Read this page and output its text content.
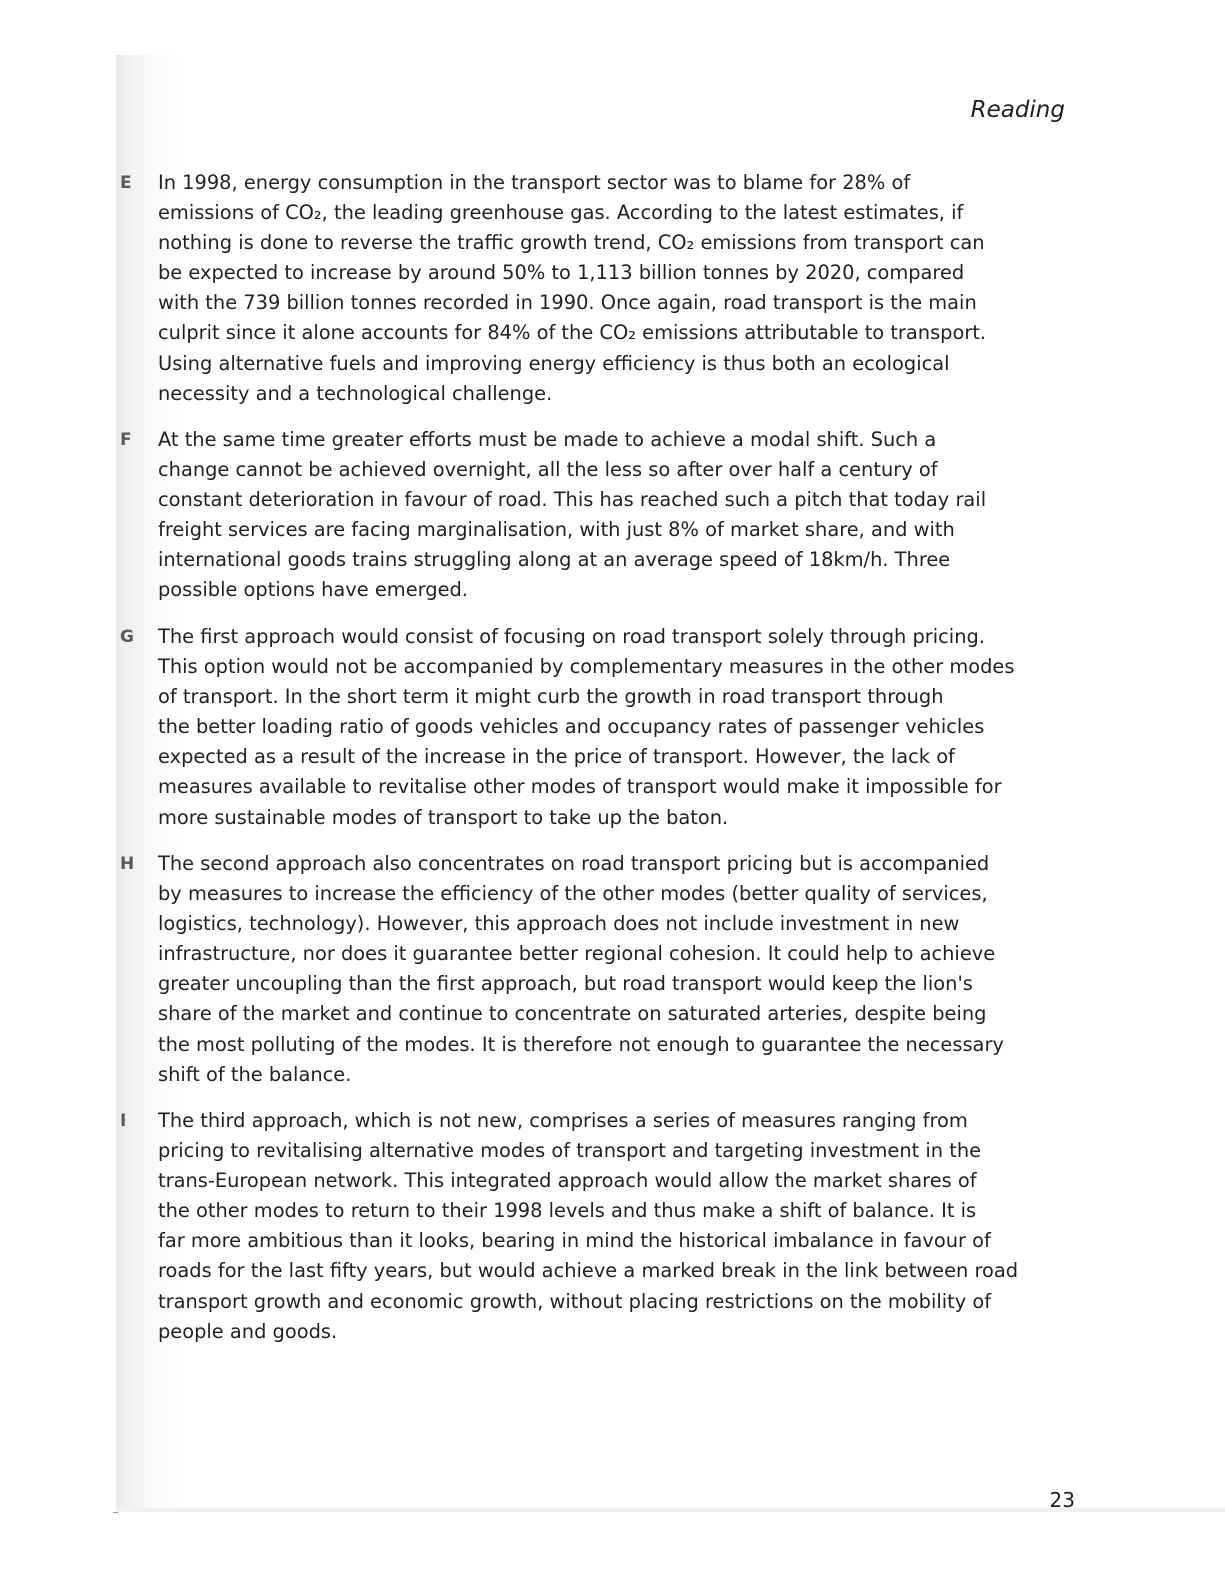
Reading
E In 1998, energy consumption in the transport sector was to blame for 28% of
emissions of CO₂, the leading greenhouse gas. According to the latest estimates, if
nothing is done to reverse the traffic growth trend, CO₂ emissions from transport can
be expected to increase by around 50% to 1,113 billion tonnes by 2020, compared
with the 739 billion tonnes recorded in 1990. Once again, road transport is the main
culprit since it alone accounts for 84% of the CO₂ emissions attributable to transport.
Using alternative fuels and improving energy efficiency is thus both an ecological
necessity and a technological challenge.
F At the same time greater efforts must be made to achieve a modal shift. Such a
change cannot be achieved overnight, all the less so after over half a century of
constant deterioration in favour of road. This has reached such a pitch that today rail
freight services are facing marginalisation, with just 8% of market share, and with
international goods trains struggling along at an average speed of 18km/h. Three
possible options have emerged.
G The first approach would consist of focusing on road transport solely through pricing.
This option would not be accompanied by complementary measures in the other modes
of transport. In the short term it might curb the growth in road transport through
the better loading ratio of goods vehicles and occupancy rates of passenger vehicles
expected as a result of the increase in the price of transport. However, the lack of
measures available to revitalise other modes of transport would make it impossible for
more sustainable modes of transport to take up the baton.
H The second approach also concentrates on road transport pricing but is accompanied
by measures to increase the efficiency of the other modes (better quality of services,
logistics, technology). However, this approach does not include investment in new
infrastructure, nor does it guarantee better regional cohesion. It could help to achieve
greater uncoupling than the first approach, but road transport would keep the lion's
share of the market and continue to concentrate on saturated arteries, despite being
the most polluting of the modes. It is therefore not enough to guarantee the necessary
shift of the balance.
I The third approach, which is not new, comprises a series of measures ranging from
pricing to revitalising alternative modes of transport and targeting investment in the
trans-European network. This integrated approach would allow the market shares of
the other modes to return to their 1998 levels and thus make a shift of balance. It is
far more ambitious than it looks, bearing in mind the historical imbalance in favour of
roads for the last fifty years, but would achieve a marked break in the link between road
transport growth and economic growth, without placing restrictions on the mobility of
people and goods.
23
